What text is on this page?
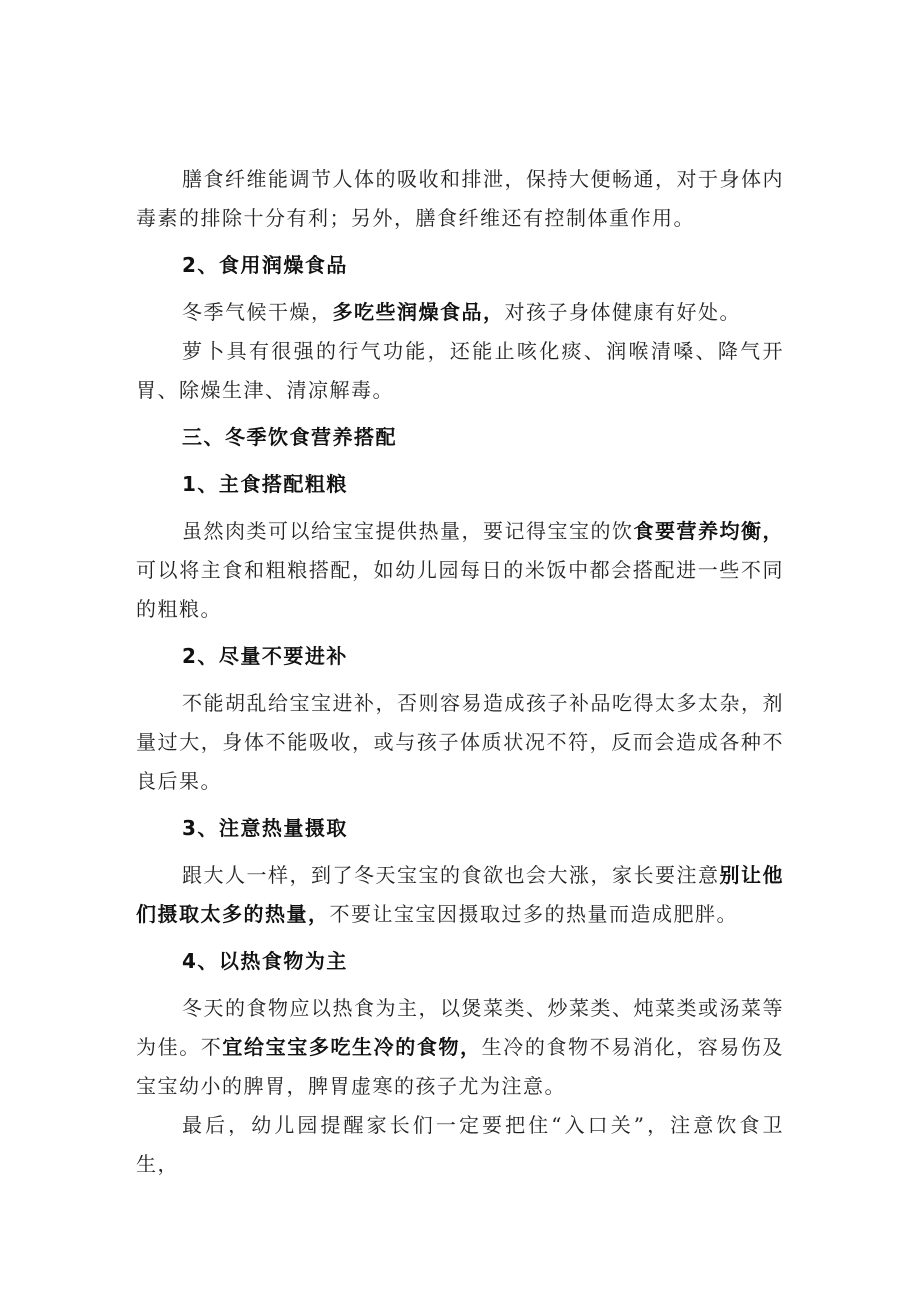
膳食纤维能调节人体的吸收和排泄，保持大便畅通，对于身体内毒素的排除十分有利；另外，膳食纤维还有控制体重作用。

2、食用润燥食品

冬季气候干燥，多吃些润燥食品，对孩子身体健康有好处。

萝卜具有很强的行气功能，还能止咳化痰、润喉清嗓、降气开胃、除燥生津、清凉解毒。

三、冬季饮食营养搭配

1、主食搭配粗粮

虽然肉类可以给宝宝提供热量，要记得宝宝的饮食要营养均衡，可以将主食和粗粮搭配，如幼儿园每日的米饭中都会搭配进一些不同的粗粮。

2、尽量不要进补

不能胡乱给宝宝进补，否则容易造成孩子补品吃得太多太杂，剂量过大，身体不能吸收，或与孩子体质状况不符，反而会造成各种不良后果。

3、注意热量摄取

跟大人一样，到了冬天宝宝的食欲也会大涨，家长要注意别让他们摄取太多的热量，不要让宝宝因摄取过多的热量而造成肥胖。

4、以热食物为主

冬天的食物应以热食为主，以煲菜类、炒菜类、炖菜类或汤菜等为佳。不宜给宝宝多吃生冷的食物，生冷的食物不易消化，容易伤及宝宝幼小的脾胃，脾胃虚寒的孩子尤为注意。

最后，幼儿园提醒家长们一定要把住“入口关”，注意饮食卫生，
